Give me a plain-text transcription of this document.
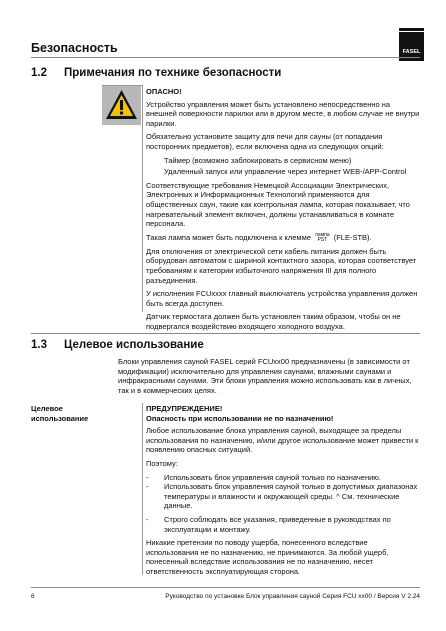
FASEL
Безопасность
1.2 Примечания по технике безопасности

ОПАСНО!

Устройство управления может быть установлено непосредственно на внешней поверхности парилки или в другом месте, в любом случае не внутри парилки.

Обязательно установите защиту для печи для сауны (от попадания посторонних предметов), если включена одна из следующих опций:

Таймер (возможно заблокировать в сервисном меню)

Удаленный запуск или управление через интернет WEB-/APP-Control

Соответствующие требования Немецкой Ассоциации Электрических, Электронных и Информационных Технологий применяются для общественных саун, такие как контрольная лампа, которая показывает, что нагревательный элемент включен, должны устанавливаться в комнате персонала.

Такая лампа может быть подключена к клемме лампа
PST (FLE-STB).

Для отключения от электрической сети кабель питания должен быть оборудован автоматом с шириной контактного зазора, которая соответствует требованиям к категории избыточного напряжения III для полного разъединения.

У исполнения FCUxxxx главный выключатель устройства управления должен быть всегда доступен.

Датчик термостата должен быть установлен таким образом, чтобы он не подвергался воздействию входящего холодного воздуха.

1.3 Целевое использование
Блоки управления сауной FASEL серий FCUxx00 предназначены (в зависимости от модификации) исключительно для управления саунами, влажными саунами и инфракрасными саунами. Эти блоки управления можно использовать как в личных, так и в коммерческих целях.
Целевое
использование

ПРЕДУПРЕЖДЕНИЕ!

Опасность при использовании не по назначению!

Любое использование блока управления сауной, выходящее за пределы использования по назначению, и/или другое использование может привести к появлению опасных ситуаций.

Поэтому:

-	Использовать блок управления сауной только по назначению.
-	Использовать блок управления сауной только в допустимых диапазонах температуры и влажности и окружающей среды. ^ См. технические данные.
-	Строго соблюдать все указания, приведенные в руководствах по эксплуатации и монтажу.

Никакие претензии по поводу ущерба, понесенного вследствие использования не по назначению, не принимаются. За любой ущерб, понесенный вследствие использования не по назначению, несет ответственность эксплуатирующая сторона.

6	Руководство по установке Блок управления сауной Серия FCU xx00 / Версия V 2.24
